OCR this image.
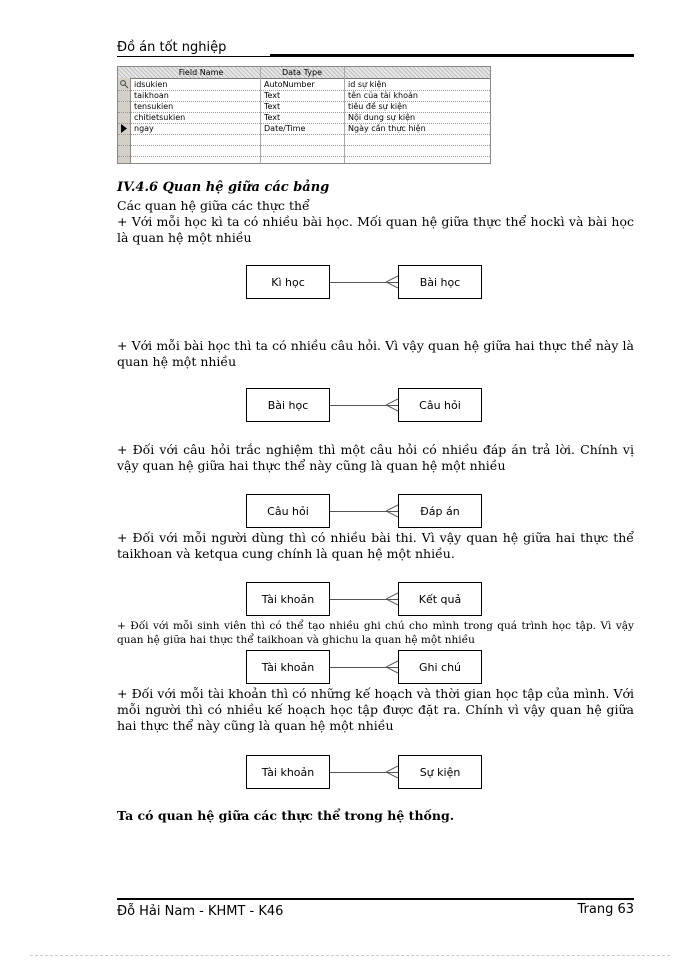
Đồ án tốt nghiệp
Field Name	Data Type
idsukien	AutoNumber	id sự kiện
taikhoan	Text	tên của tài khoản
tensukien	Text	tiêu đề sự kiện
chitietsukien	Text	Nội dung sự kiện
ngay	Date/Time	Ngày cần thực hiện
IV.4.6 Quan hệ giữa các bảng
Các quan hệ giữa các thực thể
+ Với mỗi học kì ta có nhiều bài học. Mối quan hệ giữa thực thể hockì và bài học là quan hệ một nhiều
Kì học	Bài học
+ Với mỗi bài học thì ta có nhiều câu hỏi. Vì vậy quan hệ giữa hai thực thể này là quan hệ một nhiều
Bài học	Câu hỏi
+ Đối với câu hỏi trắc nghiệm thì một câu hỏi có nhiều đáp án trả lời. Chính vị vậy quan hệ giữa hai thực thể này cũng là quan hệ một nhiều
Câu hỏi	Đáp án
+ Đối với mỗi người dùng thì có nhiều bài thi. Vì vậy quan hệ giữa hai thực thể taikhoan và ketqua cung chính là quan hệ một nhiều.
Tài khoản	Kết quả
+ Đối với mỗi sinh viên thì có thể tạo nhiều ghi chú cho mình trong quá trình học tập. Vì vậy quan hệ giữa hai thực thể taikhoan và ghichu la quan hệ một nhiều
Tài khoản	Ghi chú
+ Đối với mỗi tài khoản thì có những kế hoạch và thời gian học tập của mình. Với mỗi người thì có nhiều kế hoạch học tập được đặt ra. Chính vì vậy quan hệ giữa hai thực thể này cũng là quan hệ một nhiều
Tài khoản	Sự kiện
Ta có quan hệ giữa các thực thể trong hệ thống.
Đỗ Hải Nam - KHMT - K46	Trang 63
